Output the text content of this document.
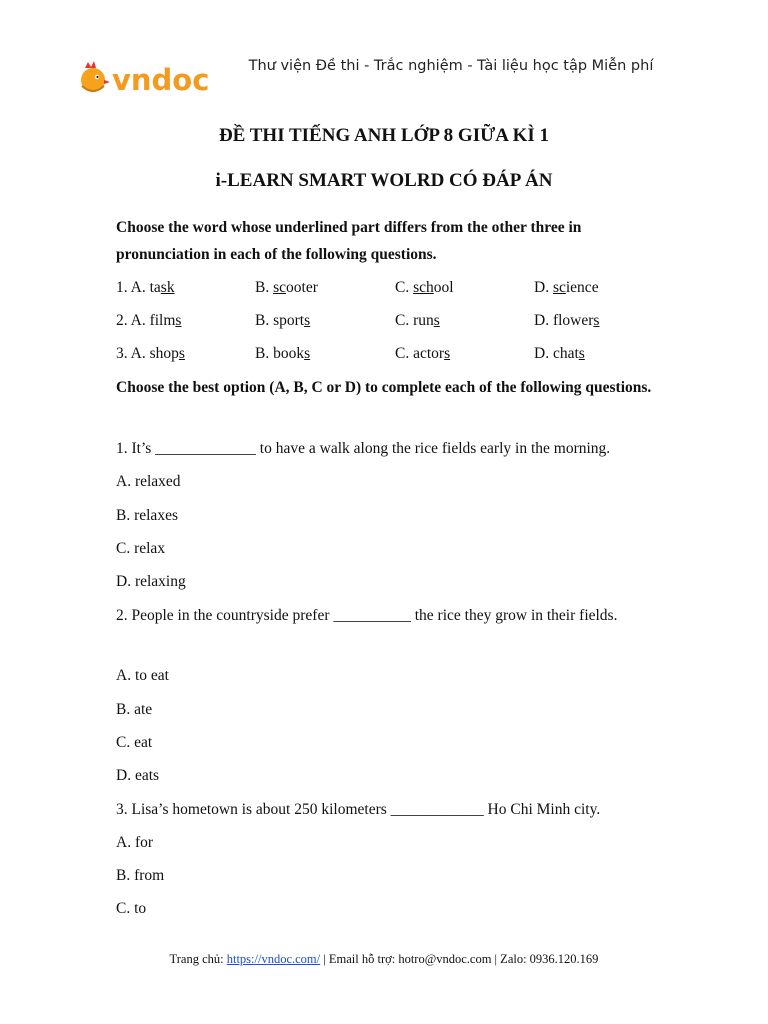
vndoc	Thư viện Đề thi - Trắc nghiệm - Tài liệu học tập Miễn phí
ĐỀ THI TIẾNG ANH LỚP 8 GIỮA KÌ 1
i-LEARN SMART WOLRD CÓ ĐÁP ÁN
Choose the word whose underlined part differs from the other three in pronunciation in each of the following questions.
1. A. task	B. scooter	C. school	D. science
2. A. films	B. sports	C. runs	D. flowers
3. A. shops	B. books	C. actors	D. chats
Choose the best option (A, B, C or D) to complete each of the following questions.
1. It’s _____________ to have a walk along the rice fields early in the morning.
A. relaxed
B. relaxes
C. relax
D. relaxing
2. People in the countryside prefer __________ the rice they grow in their fields.
A. to eat
B. ate
C. eat
D. eats
3. Lisa’s hometown is about 250 kilometers ____________ Ho Chi Minh city.
A. for
B. from
C. to
Trang chủ: https://vndoc.com/ | Email hỗ trợ: hotro@vndoc.com | Zalo: 0936.120.169
